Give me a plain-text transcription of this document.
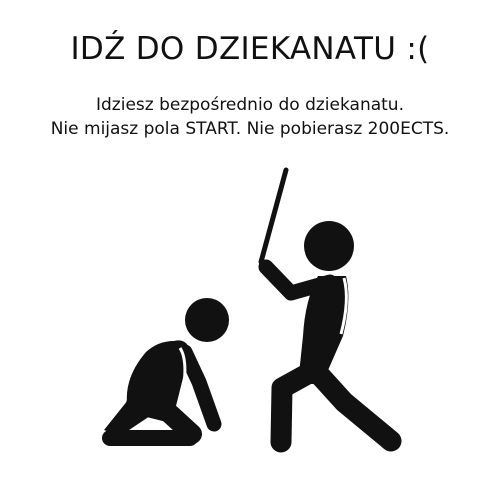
IDŹ DO DZIEKANATU :(

Idziesz bezpośrednio do dziekanatu.
Nie mijasz pola START. Nie pobierasz 200ECTS.
